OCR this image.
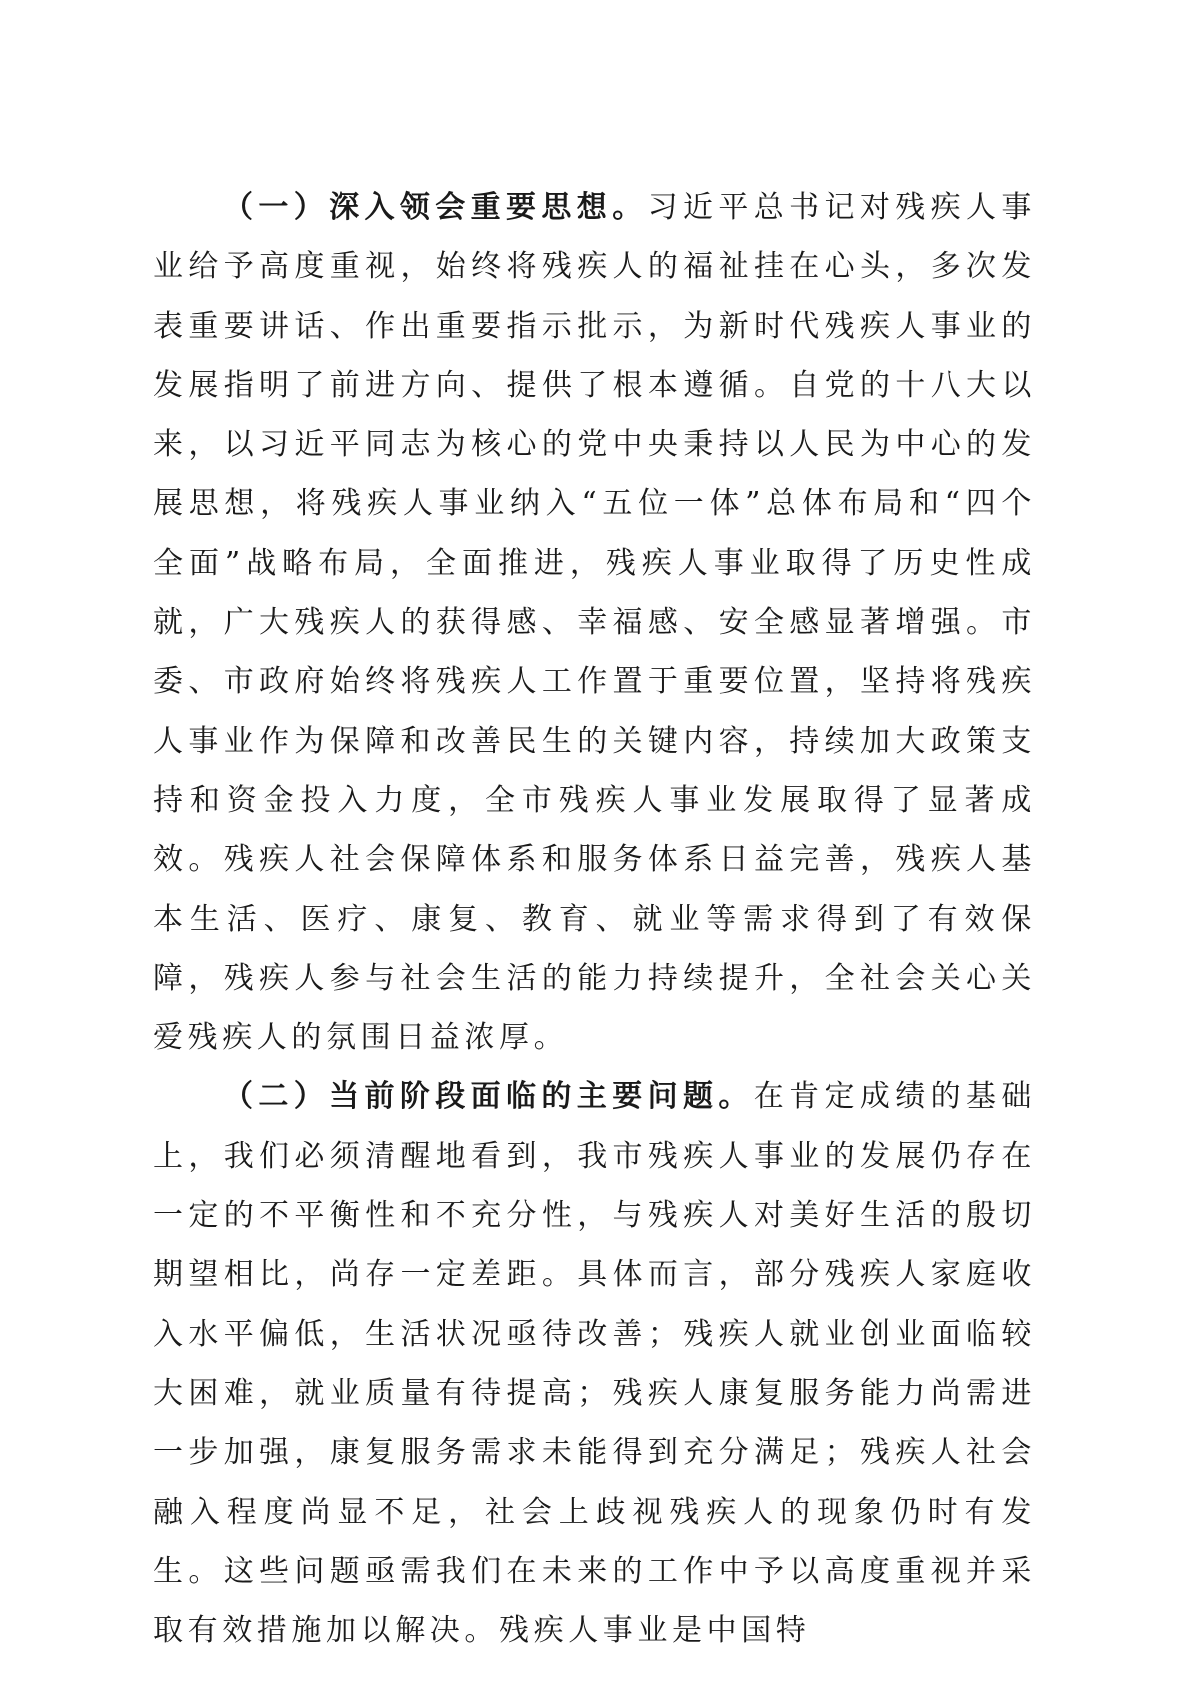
（一）深入领会重要思想。习近平总书记对残疾人事业给予高度重视，始终将残疾人的福祉挂在心头，多次发表重要讲话、作出重要指示批示，为新时代残疾人事业的发展指明了前进方向、提供了根本遵循。自党的十八大以来，以习近平同志为核心的党中央秉持以人民为中心的发展思想，将残疾人事业纳入“五位一体”总体布局和“四个全面”战略布局，全面推进，残疾人事业取得了历史性成就，广大残疾人的获得感、幸福感、安全感显著增强。市委、市政府始终将残疾人工作置于重要位置，坚持将残疾人事业作为保障和改善民生的关键内容，持续加大政策支持和资金投入力度，全市残疾人事业发展取得了显著成效。残疾人社会保障体系和服务体系日益完善，残疾人基本生活、医疗、康复、教育、就业等需求得到了有效保障，残疾人参与社会生活的能力持续提升，全社会关心关爱残疾人的氛围日益浓厚。

（二）当前阶段面临的主要问题。在肯定成绩的基础上，我们必须清醒地看到，我市残疾人事业的发展仍存在一定的不平衡性和不充分性，与残疾人对美好生活的殷切期望相比，尚存一定差距。具体而言，部分残疾人家庭收入水平偏低，生活状况亟待改善；残疾人就业创业面临较大困难，就业质量有待提高；残疾人康复服务能力尚需进一步加强，康复服务需求未能得到充分满足；残疾人社会融入程度尚显不足，社会上歧视残疾人的现象仍时有发生。这些问题亟需我们在未来的工作中予以高度重视并采取有效措施加以解决。残疾人事业是中国特
